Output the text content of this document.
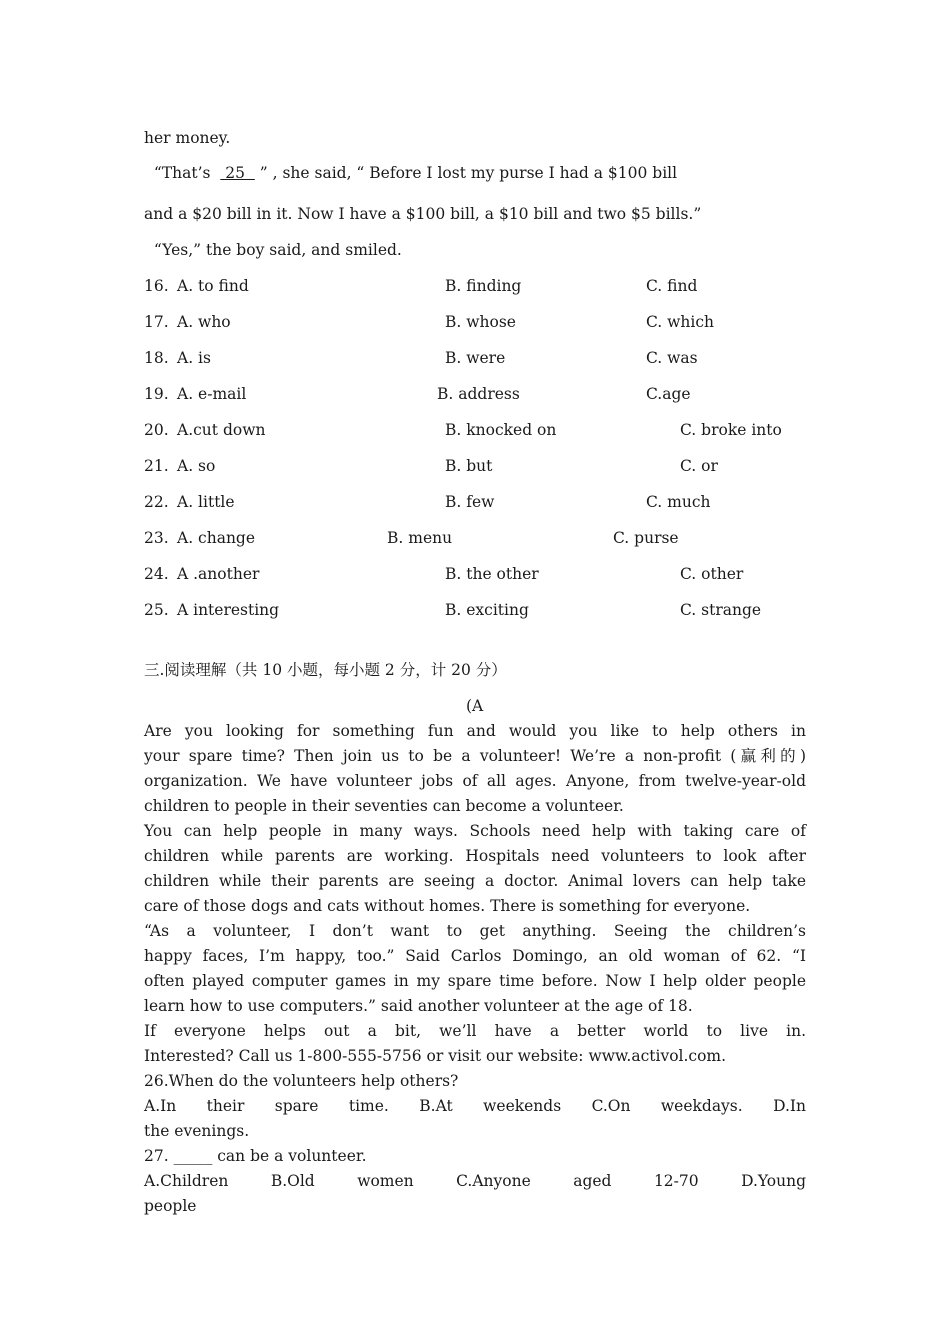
her money.
“That’s   25   ” , she said, “ Before I lost my purse I had a $100 bill
and a $20 bill in it. Now I have a $100 bill, a $10 bill and two $5 bills.”
“Yes,” the boy said, and smiled.
16. A. to find	B. finding	C. find
17. A. who	B. whose	C. which
18. A. is	B. were	C. was
19. A. e-mail	B. address	C.age
20. A.cut down	B. knocked on	C. broke into
21. A. so	B. but	C. or
22. A. little	B. few	C. much
23. A. change	B. menu	C. purse
24. A .another	B. the other	C. other
25. A interesting	B. exciting	C. strange
三.阅读理解（共 10 小题，每小题 2 分，计 20 分）
(A
Are you looking for something fun and would you like to help others in
your spare time? Then join us to be a volunteer! We’re a non-profit (赢利的)
organization. We have volunteer jobs of all ages. Anyone, from twelve-year-old
children to people in their seventies can become a volunteer.
You can help people in many ways. Schools need help with taking care of
children while parents are working. Hospitals need volunteers to look after
children while their parents are seeing a doctor. Animal lovers can help take
care of those dogs and cats without homes. There is something for everyone.
“As a volunteer, I don’t want to get anything. Seeing the children’s
happy faces, I’m happy, too.” Said Carlos Domingo, an old woman of 62. “I
often played computer games in my spare time before. Now I help older people
learn how to use computers.” said another volunteer at the age of 18.
If everyone helps out a bit, we’ll have a better world to live in.
Interested? Call us 1-800-555-5756 or visit our website: www.activol.com.
26.When do the volunteers help others?
A.In their spare time. B.At weekends C.On weekdays. D.In
the evenings.
27. _____ can be a volunteer.
A.Children B.Old women C.Anyone aged 12-70 D.Young
people
